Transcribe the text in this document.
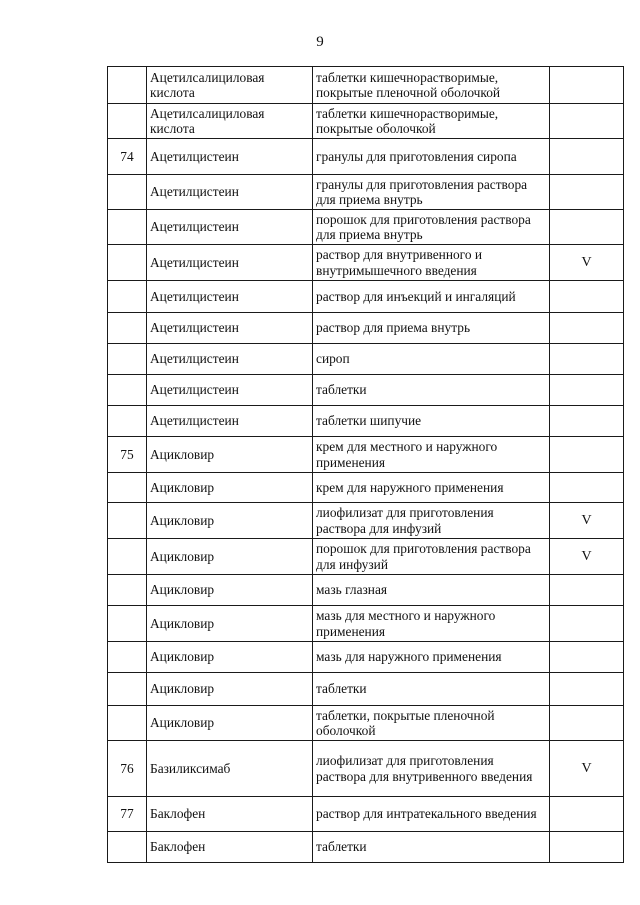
9
	Ацетилсалициловая кислота	таблетки кишечнорастворимые, покрытые пленочной оболочкой	
	Ацетилсалициловая кислота	таблетки кишечнорастворимые, покрытые оболочкой	
74	Ацетилцистеин	гранулы для приготовления сиропа	
	Ацетилцистеин	гранулы для приготовления раствора для приема внутрь	
	Ацетилцистеин	порошок для приготовления раствора для приема внутрь	
	Ацетилцистеин	раствор для внутривенного и внутримышечного введения	V
	Ацетилцистеин	раствор для инъекций и ингаляций	
	Ацетилцистеин	раствор для приема внутрь	
	Ацетилцистеин	сироп	
	Ацетилцистеин	таблетки	
	Ацетилцистеин	таблетки шипучие	
75	Ацикловир	крем для местного и наружного применения	
	Ацикловир	крем для наружного применения	
	Ацикловир	лиофилизат для приготовления раствора для инфузий	V
	Ацикловир	порошок для приготовления раствора для инфузий	V
	Ацикловир	мазь глазная	
	Ацикловир	мазь для местного и наружного применения	
	Ацикловир	мазь для наружного применения	
	Ацикловир	таблетки	
	Ацикловир	таблетки, покрытые пленочной оболочкой	
76	Базиликсимаб	лиофилизат для приготовления раствора для внутривенного введения	V
77	Баклофен	раствор для интратекального введения	
	Баклофен	таблетки	
